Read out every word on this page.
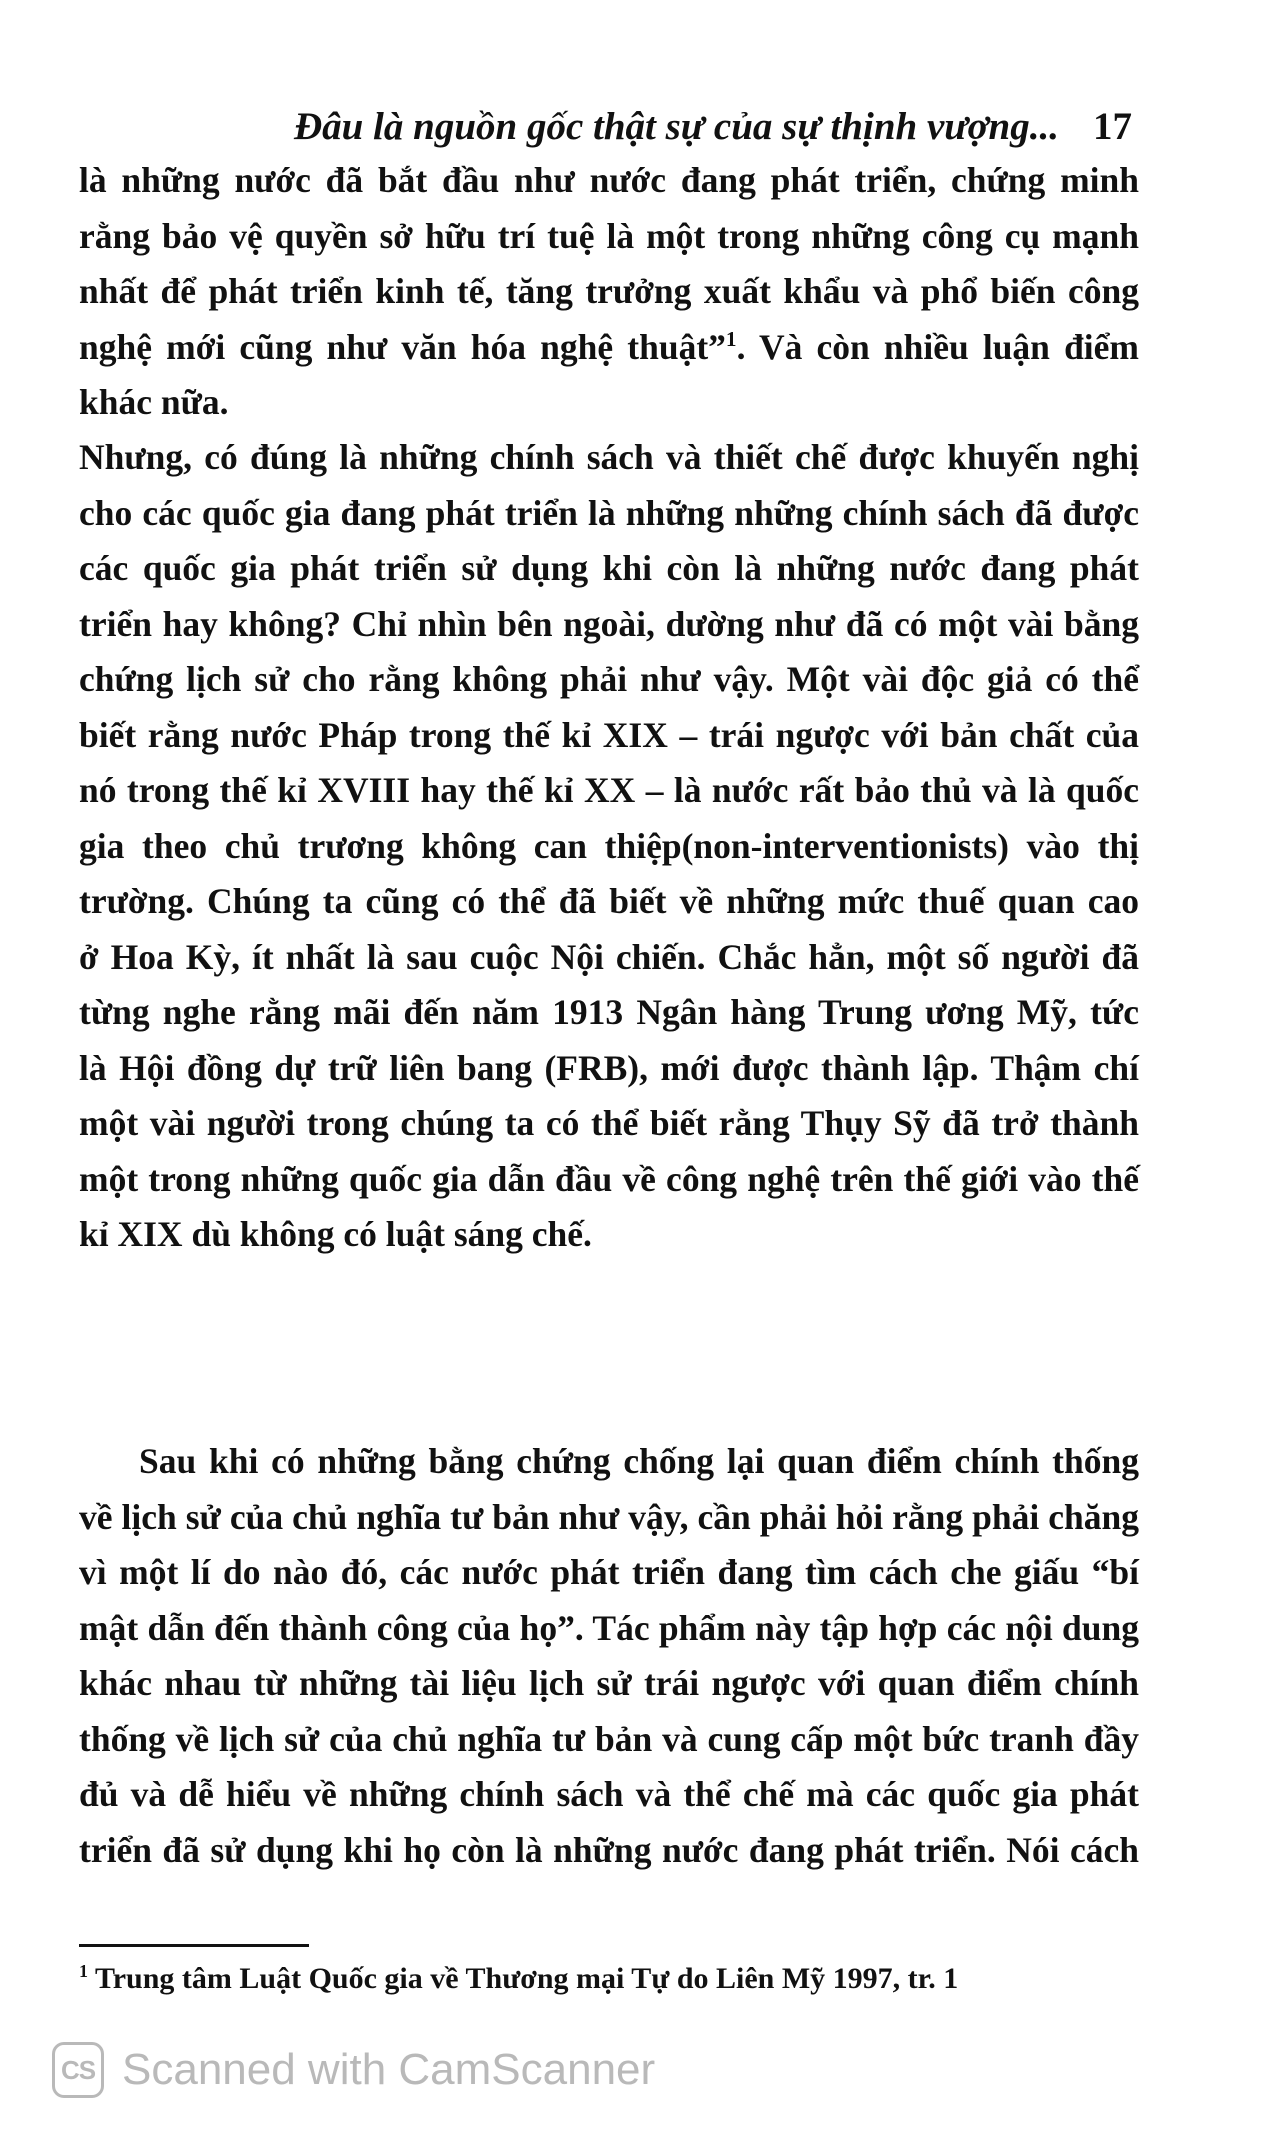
Đâu là nguồn gốc thật sự của sự thịnh vượng... 17
là những nước đã bắt đầu như nước đang phát triển, chứng minh
rằng bảo vệ quyền sở hữu trí tuệ là một trong những công cụ mạnh
nhất để phát triển kinh tế, tăng trưởng xuất khẩu và phổ biến công
nghệ mới cũng như văn hóa nghệ thuật”$^1$. Và còn nhiều luận điểm
khác nữa.
Nhưng, có đúng là những chính sách và thiết chế được khuyến nghị
cho các quốc gia đang phát triển là những những chính sách đã được
các quốc gia phát triển sử dụng khi còn là những nước đang phát
triển hay không? Chỉ nhìn bên ngoài, dường như đã có một vài bằng
chứng lịch sử cho rằng không phải như vậy. Một vài độc giả có thể
biết rằng nước Pháp trong thế kỉ XIX – trái ngược với bản chất của
nó trong thế kỉ XVIII hay thế kỉ XX – là nước rất bảo thủ và là quốc
gia theo chủ trương không can thiệp(non-interventionists) vào thị
trường. Chúng ta cũng có thể đã biết về những mức thuế quan cao
ở Hoa Kỳ, ít nhất là sau cuộc Nội chiến. Chắc hẳn, một số người đã
từng nghe rằng mãi đến năm 1913 Ngân hàng Trung ương Mỹ, tức
là Hội đồng dự trữ liên bang (FRB), mới được thành lập. Thậm chí
một vài người trong chúng ta có thể biết rằng Thụy Sỹ đã trở thành
một trong những quốc gia dẫn đầu về công nghệ trên thế giới vào thế
kỉ XIX dù không có luật sáng chế.
Sau khi có những bằng chứng chống lại quan điểm chính thống
về lịch sử của chủ nghĩa tư bản như vậy, cần phải hỏi rằng phải chăng
vì một lí do nào đó, các nước phát triển đang tìm cách che giấu “bí
mật dẫn đến thành công của họ”. Tác phẩm này tập hợp các nội dung
khác nhau từ những tài liệu lịch sử trái ngược với quan điểm chính
thống về lịch sử của chủ nghĩa tư bản và cung cấp một bức tranh đầy
đủ và dễ hiểu về những chính sách và thể chế mà các quốc gia phát
triển đã sử dụng khi họ còn là những nước đang phát triển. Nói cách
$^1$ Trung tâm Luật Quốc gia về Thương mại Tự do Liên Mỹ 1997, tr. 1
CS Scanned with CamScanner
